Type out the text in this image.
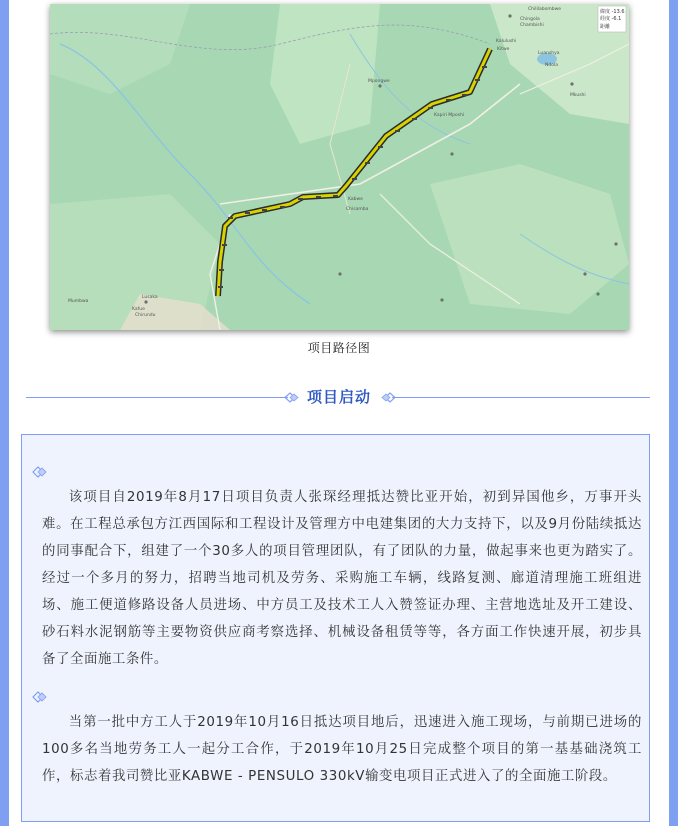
緯度 -13.6
経度 -6.1
距離
Chililabombwe
Chingola
Chambishi
Kalulushi
Kitwe
Luanshya
Mpongwe
Ndola
Kapiri Mposhi
Mkushi
Kabwe
Chisamba
Mumbwa
Kafue
Chirundu
Lusaka
项目路径图
项目启动

该项目自2019年8月17日项目负责人张琛经理抵达赞比亚开始，初到异国他乡，万事开头难。在工程总承包方江西国际和工程设计及管理方中电建集团的大力支持下，以及9月份陆续抵达的同事配合下，组建了一个30多人的项目管理团队，有了团队的力量，做起事来也更为踏实了。经过一个多月的努力，招聘当地司机及劳务、采购施工车辆，线路复测、廊道清理施工班组进场、施工便道修路设备人员进场、中方员工及技术工人入赞签证办理、主营地选址及开工建设、砂石料水泥钢筋等主要物资供应商考察选择、机械设备租赁等等，各方面工作快速开展，初步具备了全面施工条件。

当第一批中方工人于2019年10月16日抵达项目地后，迅速进入施工现场，与前期已进场的100多名当地劳务工人一起分工合作，于2019年10月25日完成整个项目的第一基基础浇筑工作，标志着我司赞比亚KABWE - PENSULO 330kV输变电项目正式进入了的全面施工阶段。
